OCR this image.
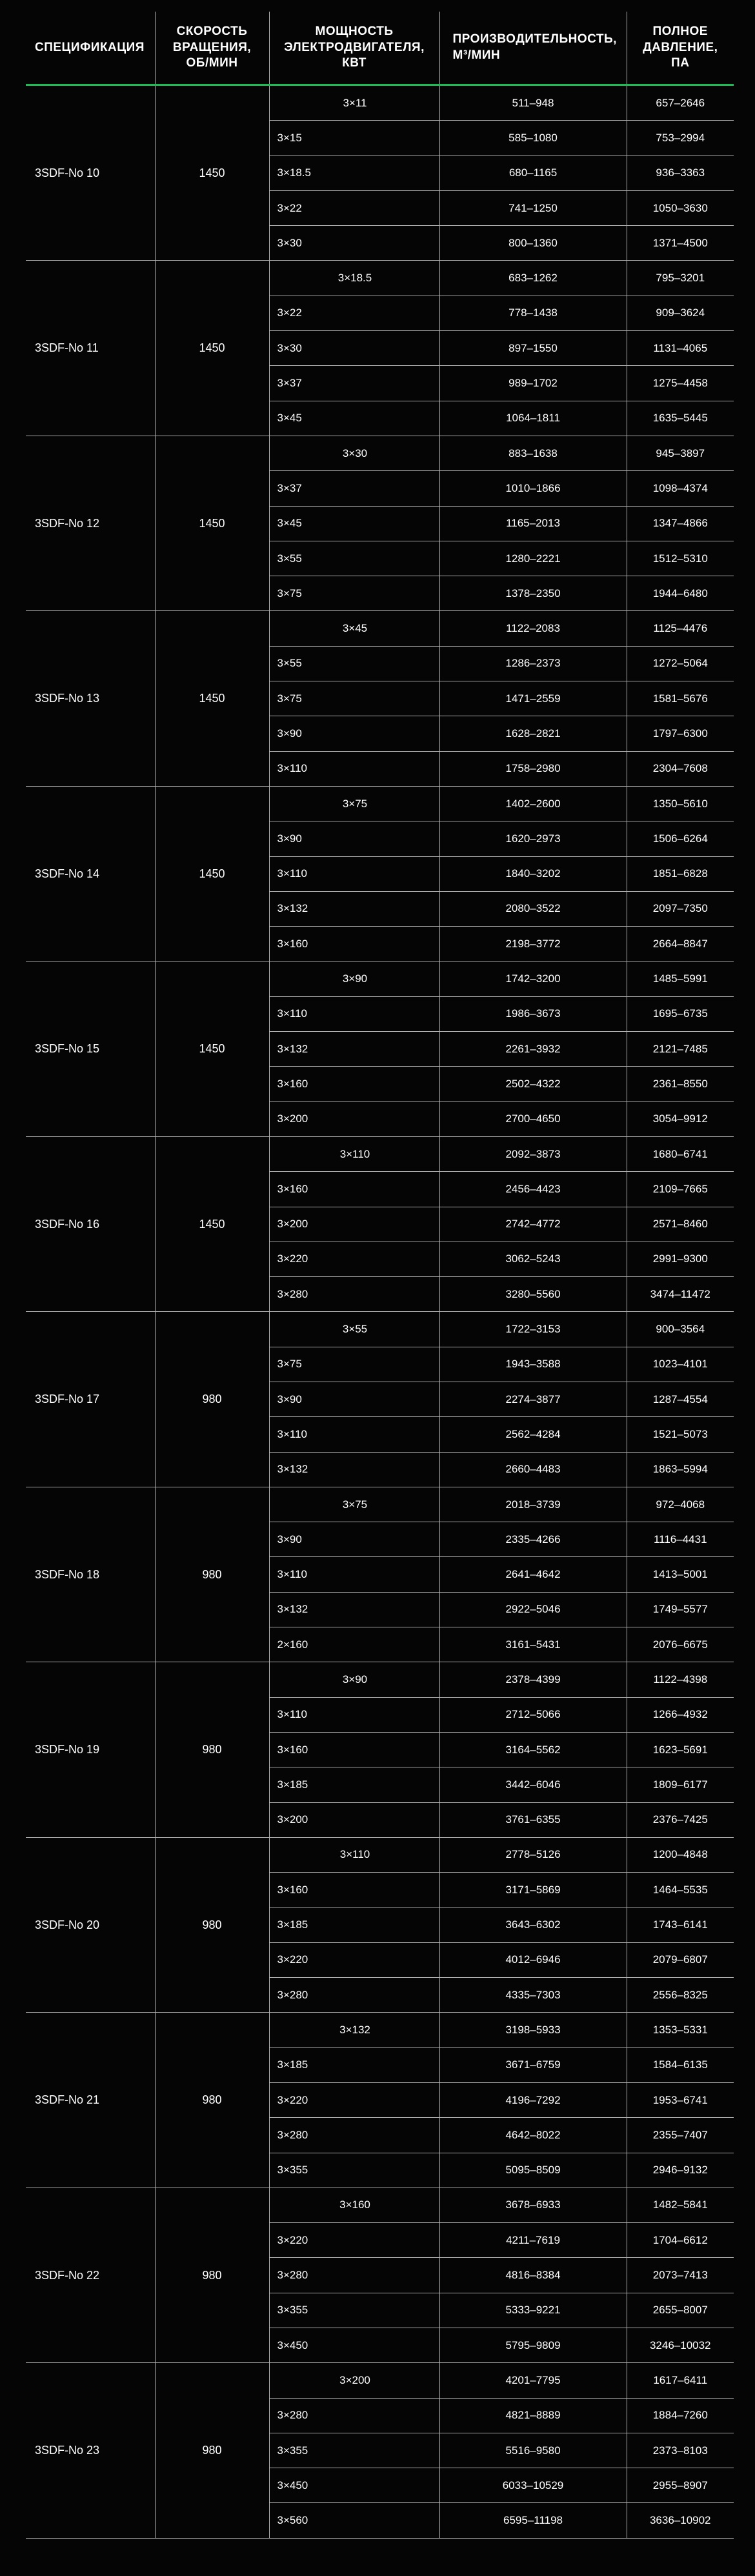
СПЕЦИФИКАЦИЯ	СКОРОСТЬ ВРАЩЕНИЯ, ОБ/МИН	МОЩНОСТЬ ЭЛЕКТРОДВИГАТЕЛЯ, КВТ	ПРОИЗВОДИТЕЛЬНОСТЬ, М³/МИН	ПОЛНОЕ ДАВЛЕНИЕ, ПА
3SDF-No 10	1450	3×11	511–948	657–2646
		3×15	585–1080	753–2994
		3×18.5	680–1165	936–3363
		3×22	741–1250	1050–3630
		3×30	800–1360	1371–4500
3SDF-No 11	1450	3×18.5	683–1262	795–3201
		3×22	778–1438	909–3624
		3×30	897–1550	1131–4065
		3×37	989–1702	1275–4458
		3×45	1064–1811	1635–5445
3SDF-No 12	1450	3×30	883–1638	945–3897
		3×37	1010–1866	1098–4374
		3×45	1165–2013	1347–4866
		3×55	1280–2221	1512–5310
		3×75	1378–2350	1944–6480
3SDF-No 13	1450	3×45	1122–2083	1125–4476
		3×55	1286–2373	1272–5064
		3×75	1471–2559	1581–5676
		3×90	1628–2821	1797–6300
		3×110	1758–2980	2304–7608
3SDF-No 14	1450	3×75	1402–2600	1350–5610
		3×90	1620–2973	1506–6264
		3×110	1840–3202	1851–6828
		3×132	2080–3522	2097–7350
		3×160	2198–3772	2664–8847
3SDF-No 15	1450	3×90	1742–3200	1485–5991
		3×110	1986–3673	1695–6735
		3×132	2261–3932	2121–7485
		3×160	2502–4322	2361–8550
		3×200	2700–4650	3054–9912
3SDF-No 16	1450	3×110	2092–3873	1680–6741
		3×160	2456–4423	2109–7665
		3×200	2742–4772	2571–8460
		3×220	3062–5243	2991–9300
		3×280	3280–5560	3474–11472
3SDF-No 17	980	3×55	1722–3153	900–3564
		3×75	1943–3588	1023–4101
		3×90	2274–3877	1287–4554
		3×110	2562–4284	1521–5073
		3×132	2660–4483	1863–5994
3SDF-No 18	980	3×75	2018–3739	972–4068
		3×90	2335–4266	1116–4431
		3×110	2641–4642	1413–5001
		3×132	2922–5046	1749–5577
		2×160	3161–5431	2076–6675
3SDF-No 19	980	3×90	2378–4399	1122–4398
		3×110	2712–5066	1266–4932
		3×160	3164–5562	1623–5691
		3×185	3442–6046	1809–6177
		3×200	3761–6355	2376–7425
3SDF-No 20	980	3×110	2778–5126	1200–4848
		3×160	3171–5869	1464–5535
		3×185	3643–6302	1743–6141
		3×220	4012–6946	2079–6807
		3×280	4335–7303	2556–8325
3SDF-No 21	980	3×132	3198–5933	1353–5331
		3×185	3671–6759	1584–6135
		3×220	4196–7292	1953–6741
		3×280	4642–8022	2355–7407
		3×355	5095–8509	2946–9132
3SDF-No 22	980	3×160	3678–6933	1482–5841
		3×220	4211–7619	1704–6612
		3×280	4816–8384	2073–7413
		3×355	5333–9221	2655–8007
		3×450	5795–9809	3246–10032
3SDF-No 23	980	3×200	4201–7795	1617–6411
		3×280	4821–8889	1884–7260
		3×355	5516–9580	2373–8103
		3×450	6033–10529	2955–8907
		3×560	6595–11198	3636–10902
